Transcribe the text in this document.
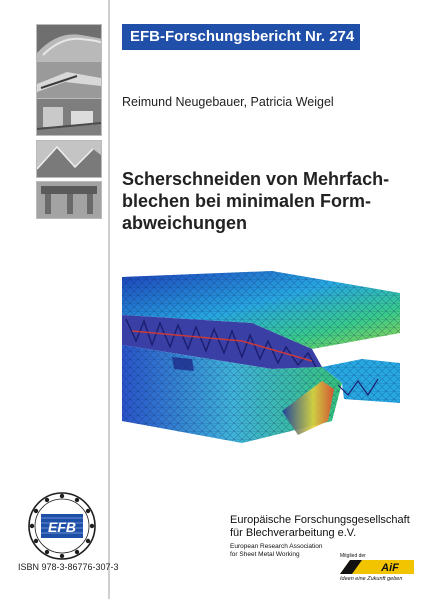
EFB-Forschungsbericht Nr. 274
Reimund Neugebauer, Patricia Weigel
Scherschneiden von Mehrfach-
blechen bei minimalen Form-
abweichungen
EFB
ISBN 978-3-86776-307-3
Europäische Forschungsgesellschaft
für Blechverarbeitung e.V.
European Research Association
for Sheet Metal Working	Mitglied der
AiF
Ideen eine Zukunft geben
